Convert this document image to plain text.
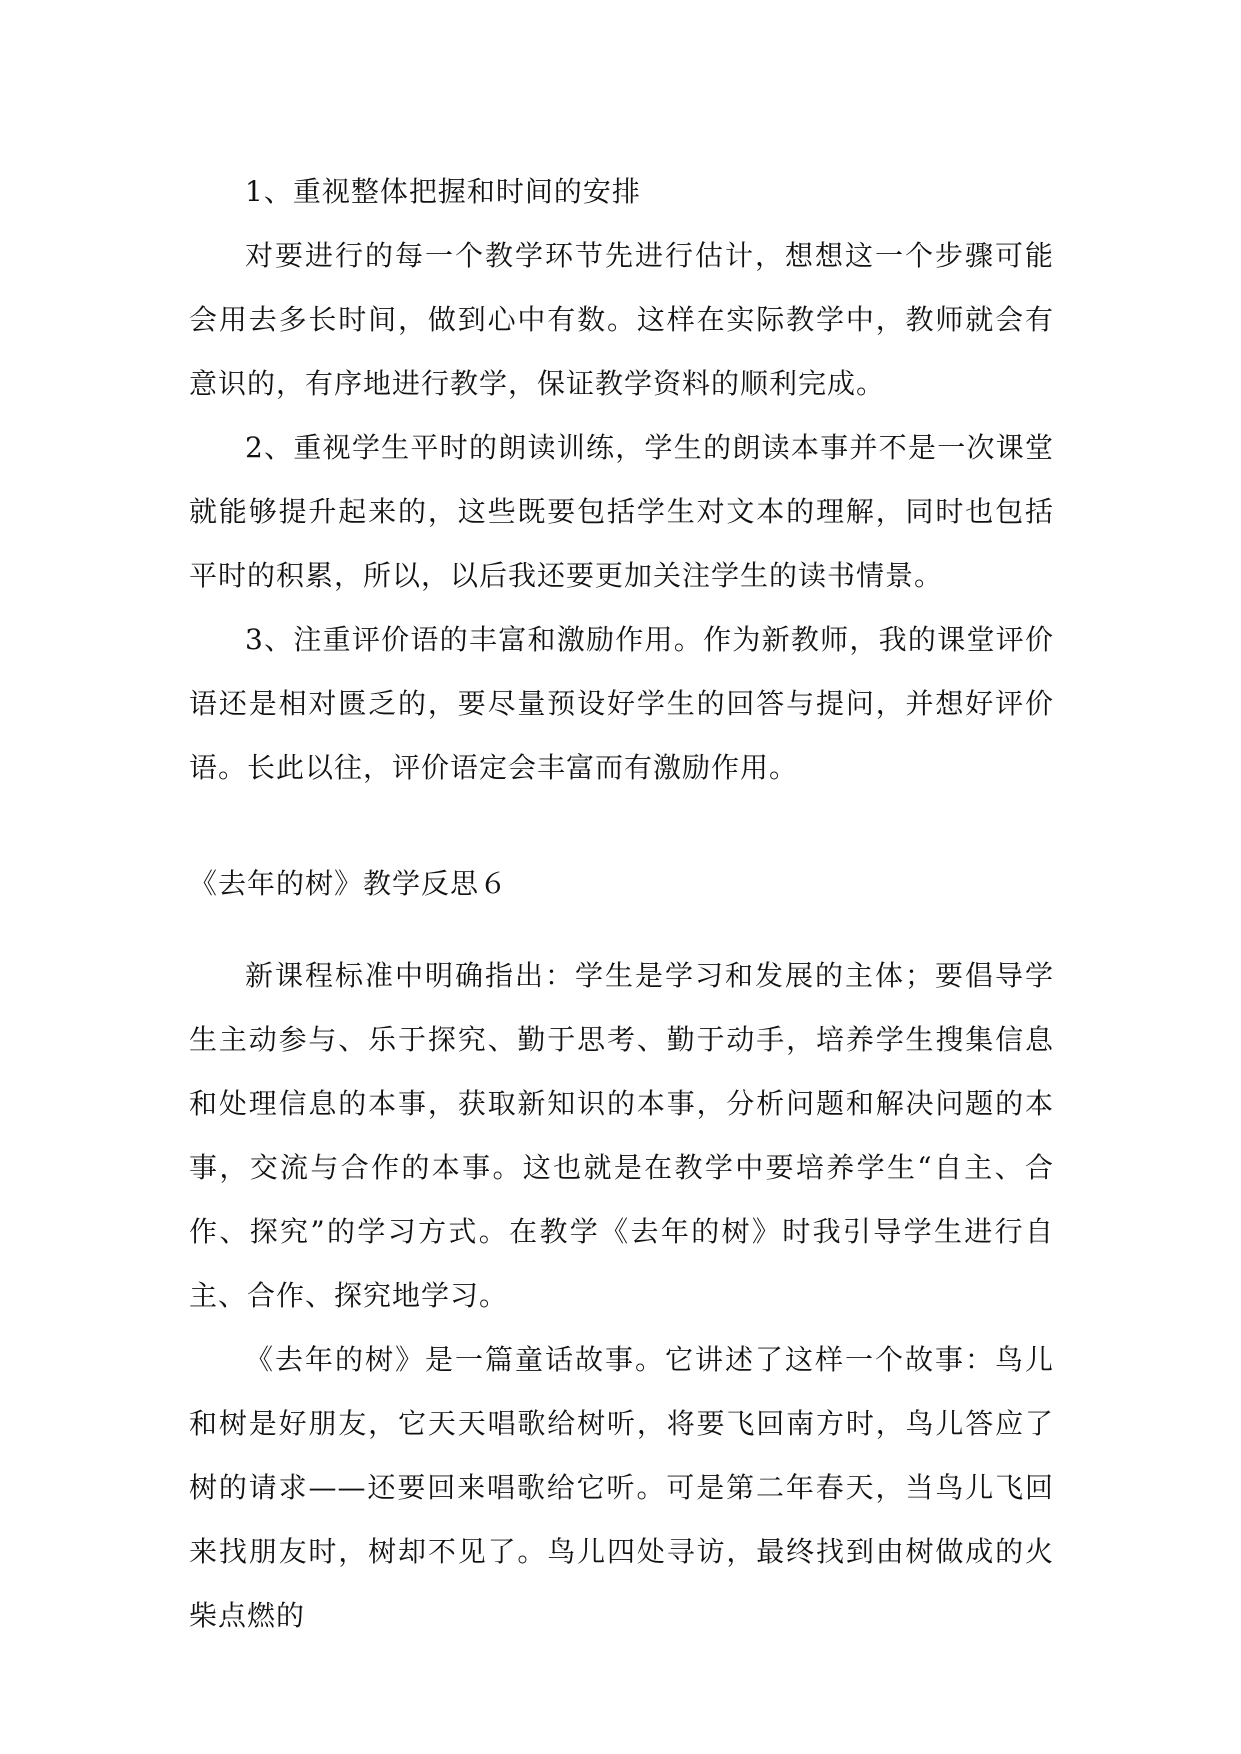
1、重视整体把握和时间的安排

对要进行的每一个教学环节先进行估计，想想这一个步骤可能会用去多长时间，做到心中有数。这样在实际教学中，教师就会有意识的，有序地进行教学，保证教学资料的顺利完成。

2、重视学生平时的朗读训练，学生的朗读本事并不是一次课堂就能够提升起来的，这些既要包括学生对文本的理解，同时也包括平时的积累，所以，以后我还要更加关注学生的读书情景。

3、注重评价语的丰富和激励作用。作为新教师，我的课堂评价语还是相对匮乏的，要尽量预设好学生的回答与提问，并想好评价语。长此以往，评价语定会丰富而有激励作用。

《去年的树》教学反思６

新课程标准中明确指出：学生是学习和发展的主体；要倡导学生主动参与、乐于探究、勤于思考、勤于动手，培养学生搜集信息和处理信息的本事，获取新知识的本事，分析问题和解决问题的本事，交流与合作的本事。这也就是在教学中要培养学生“自主、合作、探究”的学习方式。在教学《去年的树》时我引导学生进行自主、合作、探究地学习。

《去年的树》是一篇童话故事。它讲述了这样一个故事：鸟儿和树是好朋友，它天天唱歌给树听，将要飞回南方时，鸟儿答应了树的请求——还要回来唱歌给它听。可是第二年春天，当鸟儿飞回来找朋友时，树却不见了。鸟儿四处寻访，最终找到由树做成的火柴点燃的
